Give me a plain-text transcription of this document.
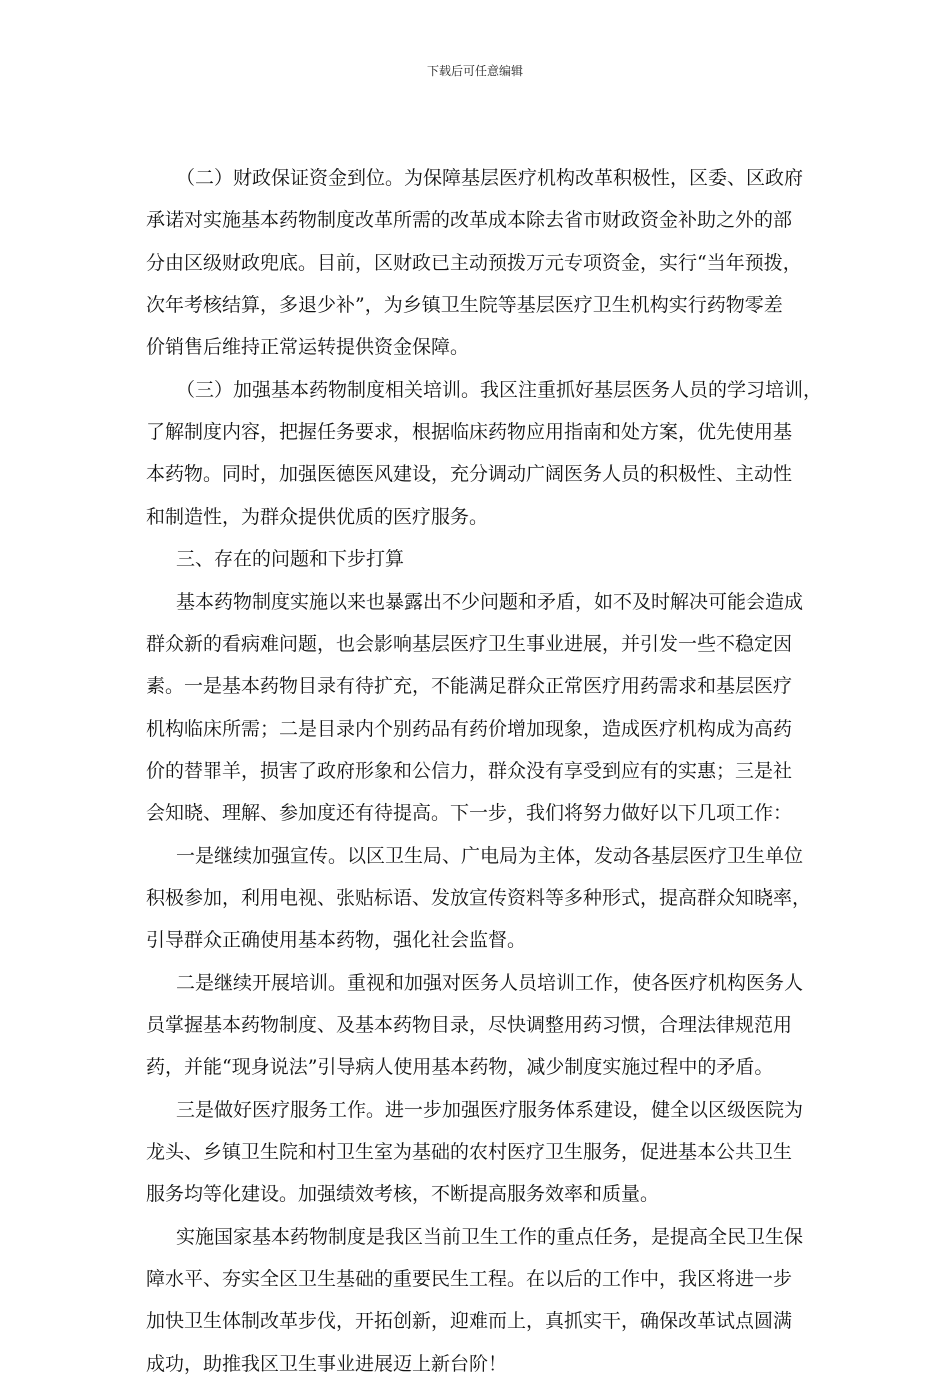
下载后可任意编辑
（二）财政保证资金到位。为保障基层医疗机构改革积极性，区委、区政府
承诺对实施基本药物制度改革所需的改革成本除去省市财政资金补助之外的部
分由区级财政兜底。目前，区财政已主动预拨万元专项资金，实行“当年预拨，
次年考核结算，多退少补”，为乡镇卫生院等基层医疗卫生机构实行药物零差
价销售后维持正常运转提供资金保障。
（三）加强基本药物制度相关培训。我区注重抓好基层医务人员的学习培训，
了解制度内容，把握任务要求，根据临床药物应用指南和处方案，优先使用基
本药物。同时，加强医德医风建设，充分调动广阔医务人员的积极性、主动性
和制造性，为群众提供优质的医疗服务。
三、存在的问题和下步打算
基本药物制度实施以来也暴露出不少问题和矛盾，如不及时解决可能会造成
群众新的看病难问题，也会影响基层医疗卫生事业进展，并引发一些不稳定因
素。一是基本药物目录有待扩充，不能满足群众正常医疗用药需求和基层医疗
机构临床所需；二是目录内个别药品有药价增加现象，造成医疗机构成为高药
价的替罪羊，损害了政府形象和公信力，群众没有享受到应有的实惠；三是社
会知晓、理解、参加度还有待提高。下一步，我们将努力做好以下几项工作：
一是继续加强宣传。以区卫生局、广电局为主体，发动各基层医疗卫生单位
积极参加，利用电视、张贴标语、发放宣传资料等多种形式，提高群众知晓率，
引导群众正确使用基本药物，强化社会监督。
二是继续开展培训。重视和加强对医务人员培训工作，使各医疗机构医务人
员掌握基本药物制度、及基本药物目录，尽快调整用药习惯，合理法律规范用
药，并能“现身说法”引导病人使用基本药物，减少制度实施过程中的矛盾。
三是做好医疗服务工作。进一步加强医疗服务体系建设，健全以区级医院为
龙头、乡镇卫生院和村卫生室为基础的农村医疗卫生服务，促进基本公共卫生
服务均等化建设。加强绩效考核，不断提高服务效率和质量。
实施国家基本药物制度是我区当前卫生工作的重点任务，是提高全民卫生保
障水平、夯实全区卫生基础的重要民生工程。在以后的工作中，我区将进一步
加快卫生体制改革步伐，开拓创新，迎难而上，真抓实干，确保改革试点圆满
成功，助推我区卫生事业进展迈上新台阶！
